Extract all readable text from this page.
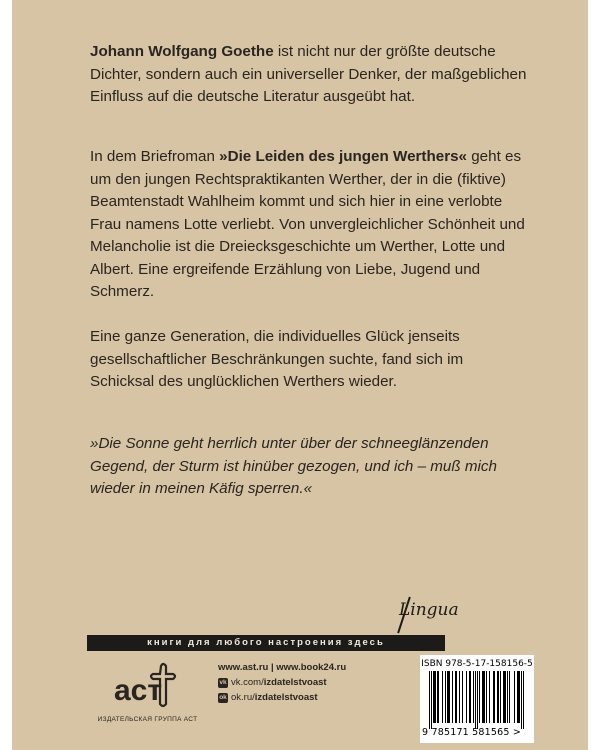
Johann Wolfgang Goethe ist nicht nur der größte deutsche Dichter, sondern auch ein universeller Denker, der maßgeblichen Einfluss auf die deutsche Literatur ausgeübt hat.

In dem Briefroman »Die Leiden des jungen Werthers« geht es um den jungen Rechtspraktikanten Werther, der in die (fiktive) Beamtenstadt Wahlheim kommt und sich hier in eine verlobte Frau namens Lotte verliebt. Von unvergleichlicher Schönheit und Melancholie ist die Dreiecksgeschichte um Werther, Lotte und Albert. Eine ergreifende Erzählung von Liebe, Jugend und Schmerz.

Eine ganze Generation, die individuelles Glück jenseits gesellschaftlicher Beschränkungen suchte, fand sich im Schicksal des unglücklichen Werthers wieder.

»Die Sonne geht herrlich unter über der schneeglänzenden Gegend, der Sturm ist hinüber gezogen, und ich – muß mich wieder in meinen Käfig sperren.«

Lingua
книги для любого настроения здесь
аст
ИЗДАТЕЛЬСКАЯ ГРУППА АСТ
www.ast.ru | www.book24.ru
vk vk.com/ izdatelstvoast
ok ok.ru/ izdatelstvoast
ISBN 978-5-17-158156-5
9 785171 581565 >
